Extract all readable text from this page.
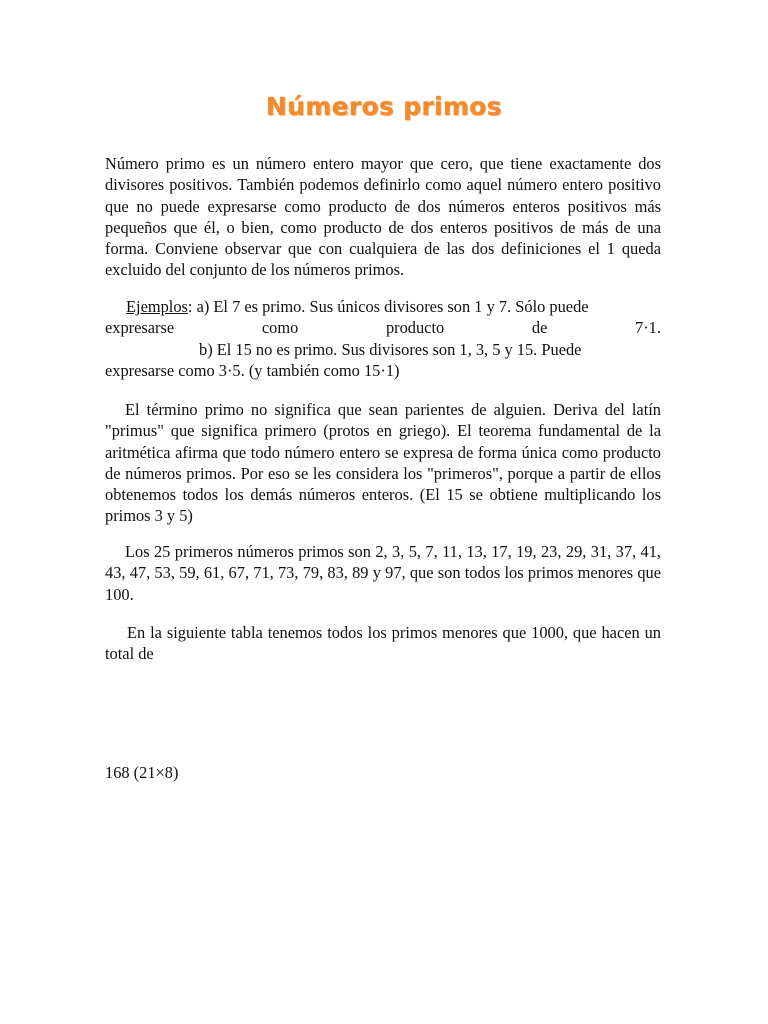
Números primos

Número primo es un número entero mayor que cero, que tiene exactamente dos divisores positivos. También podemos definirlo como aquel número entero positivo que no puede expresarse como producto de dos números enteros positivos más pequeños que él, o bien, como producto de dos enteros positivos de más de una forma. Conviene observar que con cualquiera de las dos definiciones el 1 queda excluido del conjunto de los números primos.

Ejemplos: a) El 7 es primo. Sus únicos divisores son 1 y 7. Sólo puede
expresarse	como	producto	de	7·1.
b) El 15 no es primo. Sus divisores son 1, 3, 5 y 15. Puede
expresarse como 3·5. (y también como 15·1)

El término primo no significa que sean parientes de alguien. Deriva del latín "primus" que significa primero (protos en griego). El teorema fundamental de la aritmética afirma que todo número entero se expresa de forma única como producto de números primos. Por eso se les considera los "primeros", porque a partir de ellos obtenemos todos los demás números enteros. (El 15 se obtiene multiplicando los primos 3 y 5)

Los 25 primeros números primos son 2, 3, 5, 7, 11, 13, 17, 19, 23, 29, 31, 37, 41, 43, 47, 53, 59, 61, 67, 71, 73, 79, 83, 89 y 97, que son todos los primos menores que 100.

En la siguiente tabla tenemos todos los primos menores que 1000, que hacen un total de

168 (21×8)
